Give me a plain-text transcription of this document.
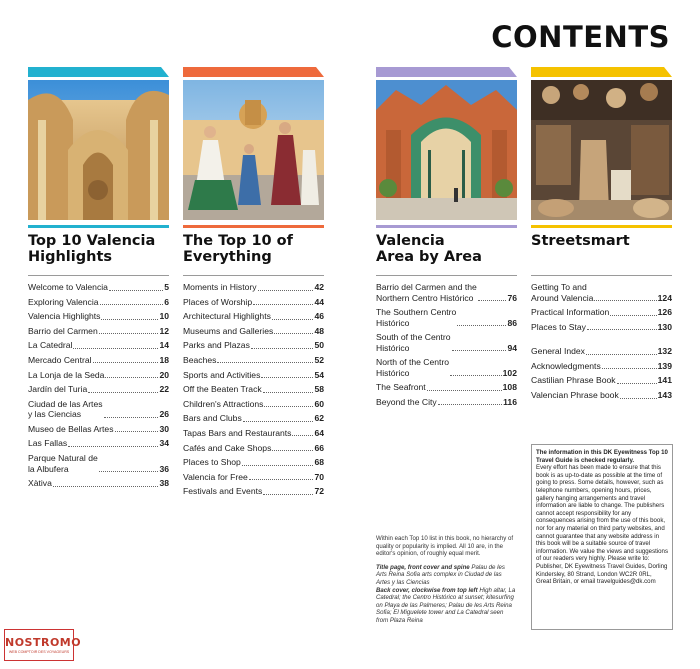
CONTENTS
Top 10 Valencia
Highlights
Welcome to Valencia	5
Exploring Valencia	6
Valencia Highlights	10
Barrio del Carmen	12
La Catedral	14
Mercado Central	18
La Lonja de la Seda	20
Jardín del Turia	22
Ciudad de las Artes
y las Ciencias	26
Museo de Bellas Artes	30
Las Fallas	34
Parque Natural de
la Albufera	36
Xàtiva	38
The Top 10 of
Everything
Moments in History	42
Places of Worship	44
Architectural Highlights	46
Museums and Galleries	48
Parks and Plazas	50
Beaches	52
Sports and Activities	54
Off the Beaten Track	58
Children's Attractions	60
Bars and Clubs	62
Tapas Bars and Restaurants	64
Cafés and Cake Shops	66
Places to Shop	68
Valencia for Free	70
Festivals and Events	72
Valencia
Area by Area
Barrio del Carmen and the
Northern Centro Histórico	76
The Southern Centro
Histórico	86
South of the Centro
Histórico	94
North of the Centro
Histórico	102
The Seafront	108
Beyond the City	116
Streetsmart
Getting To and
Around Valencia	124
Practical Information	126
Places to Stay	130
General Index	132
Acknowledgments	139
Castilian Phrase Book	141
Valencian Phrase book	143

Within each Top 10 list in this book, no hierarchy of quality or popularity is implied. All 10 are, in the editor's opinion, of roughly equal merit.

Title page, front cover and spine Palau de les Arts Reina Sofia arts complex in Ciudad de las Artes y las Ciencias
Back cover, clockwise from top left High altar, La Catedral; the Centro Histórico at sunset; kitesurfing on Playa de las Palmeres; Palau de les Arts Reina Sofia; El Miguelete tower and La Catedral seen from Plaza Reina

The information in this DK Eyewitness Top 10 Travel Guide is checked regularly.
Every effort has been made to ensure that this book is as up-to-date as possible at the time of going to press. Some details, however, such as telephone numbers, opening hours, prices, gallery hanging arrangements and travel information are liable to change. The publishers cannot accept responsibility for any consequences arising from the use of this book, nor for any material on third party websites, and cannot guarantee that any website address in this book will be a suitable source of travel information. We value the views and suggestions of our readers very highly. Please write to: Publisher, DK Eyewitness Travel Guides, Dorling Kindersley, 80 Strand, London WC2R 0RL, Great Britain, or email travelguides@dk.com
NOSTROMO
WEB COMPTOIR DES VOYAGEURS
